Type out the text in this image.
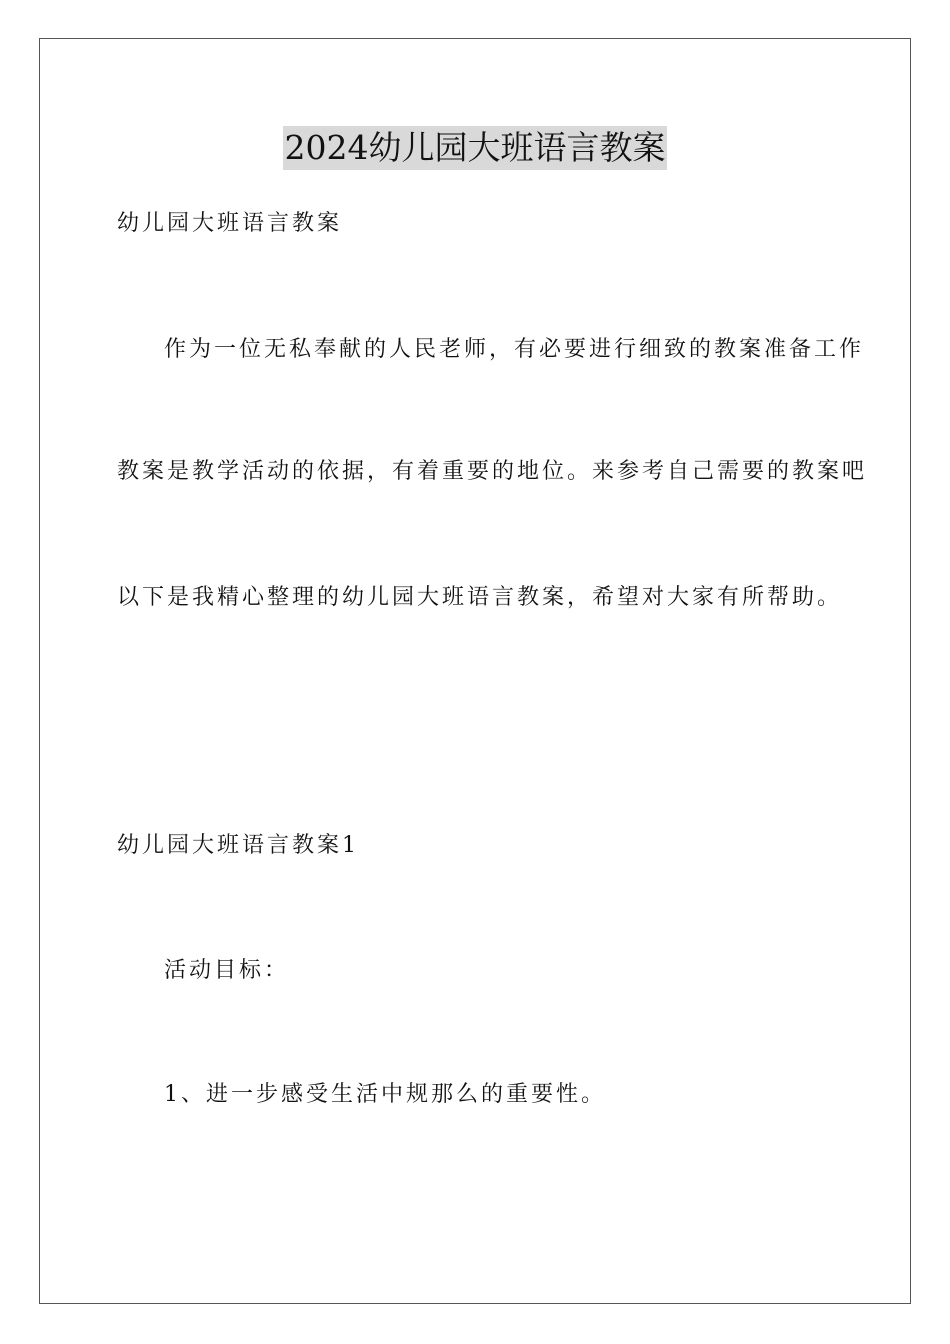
2024幼儿园大班语言教案
幼儿园大班语言教案
作为一位无私奉献的人民老师，有必要进行细致的教案准备工作
教案是教学活动的依据，有着重要的地位。来参考自己需要的教案吧
以下是我精心整理的幼儿园大班语言教案，希望对大家有所帮助。
幼儿园大班语言教案1
活动目标：
1、进一步感受生活中规那么的重要性。
